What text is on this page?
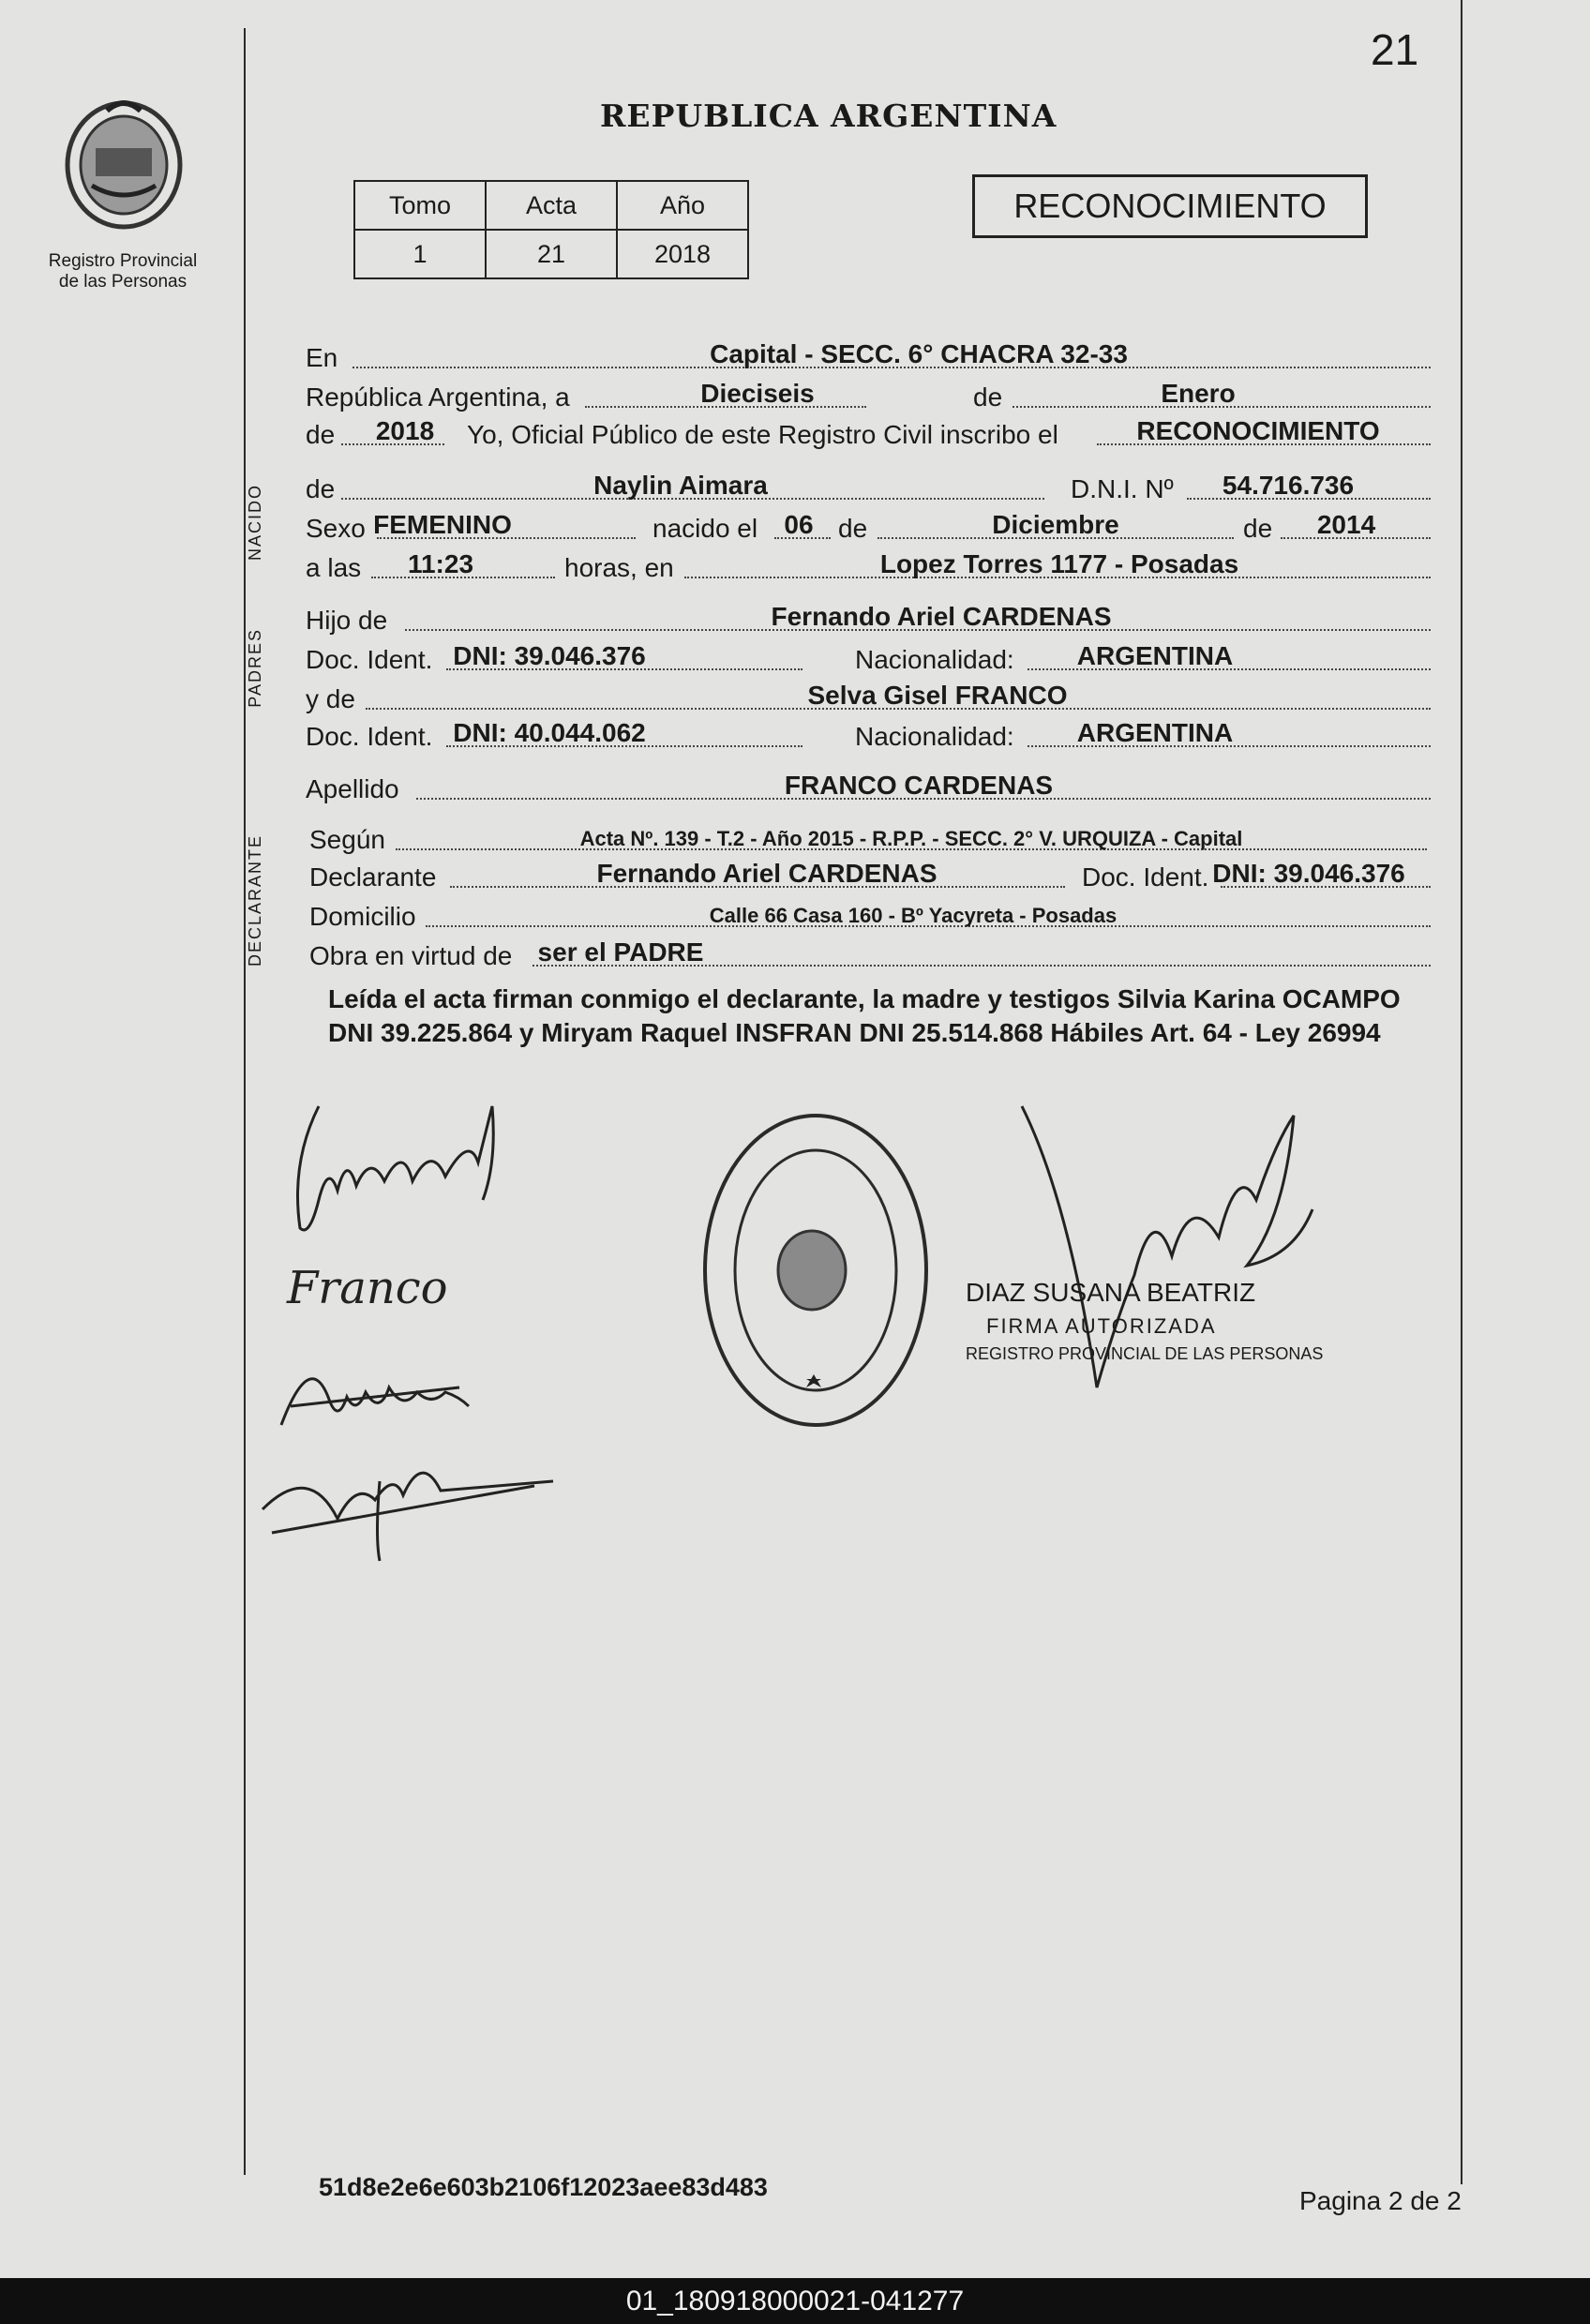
21
Registro Provincial
de las Personas
REPUBLICA ARGENTINA
Tomo	Acta	Año
1	21	2018
RECONOCIMIENTO
NACIDO
PADRES
DECLARANTE
En	Capital - SECC. 6° CHACRA 32-33
República Argentina, a	Dieciseis	de	Enero
de 2018 Yo, Oficial Público de este Registro Civil inscribo el	RECONOCIMIENTO
de	Naylin Aimara	D.N.I. Nº 54.716.736
Sexo FEMENINO	nacido el 06 de	Diciembre	de 2014
a las 11:23	horas, en	Lopez Torres 1177 - Posadas
Hijo de	Fernando Ariel CARDENAS
Doc. Ident. DNI: 39.046.376	Nacionalidad: ARGENTINA
y de	Selva Gisel FRANCO
Doc. Ident. DNI: 40.044.062	Nacionalidad: ARGENTINA
Apellido	FRANCO CARDENAS
Según	Acta Nº. 139 - T.2 - Año 2015 - R.P.P. - SECC. 2° V. URQUIZA - Capital
Declarante	Fernando Ariel CARDENAS	Doc. Ident. DNI: 39.046.376
Domicilio	Calle 66 Casa 160 - Bº Yacyreta - Posadas
Obra en virtud de ser el PADRE
Leída el acta firman conmigo el declarante, la madre y testigos Silvia Karina OCAMPO DNI 39.225.864 y Miryam Raquel INSFRAN DNI 25.514.868 Hábiles Art. 64 - Ley 26994
Franco	DIAZ SUSANA BEATRIZ
FIRMA AUTORIZADA
REGISTRO PROVINCIAL DE LAS PERSONAS
51d8e2e6e603b2106f12023aee83d483	Pagina 2 de 2
01_180918000021-041277
